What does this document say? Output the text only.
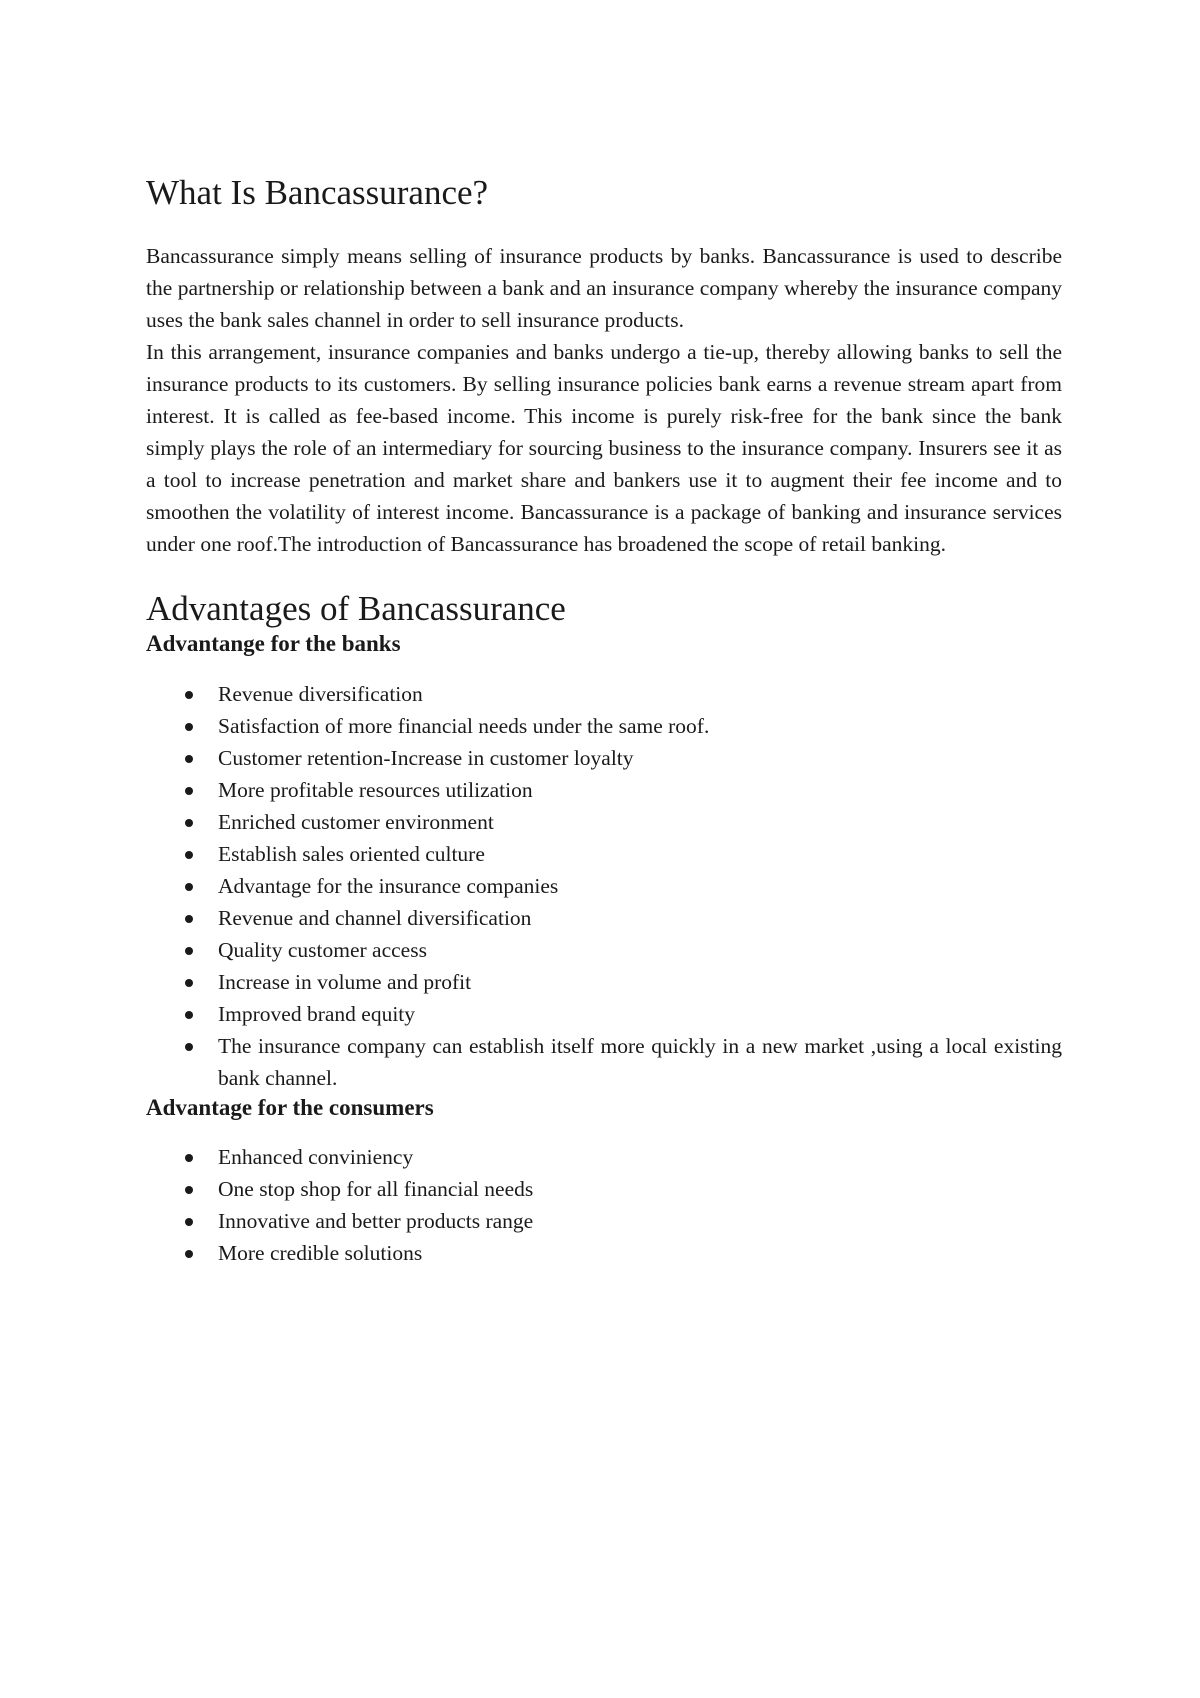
What Is Bancassurance?

Bancassurance simply means selling of insurance products by banks. Bancassurance is used to describe the partnership or relationship between a bank and an insurance company whereby the insurance company uses the bank sales channel in order to sell insurance products.

In this arrangement, insurance companies and banks undergo a tie-up, thereby allowing banks to sell the insurance products to its customers. By selling insurance policies bank earns a revenue stream apart from interest. It is called as fee-based income. This income is purely risk-free for the bank since the bank simply plays the role of an intermediary for sourcing business to the insurance company. Insurers see it as a tool to increase penetration and market share and bankers use it to augment their fee income and to smoothen the volatility of interest income. Bancassurance is a package of banking and insurance services under one roof.The introduction of Bancassurance has broadened the scope of retail banking.

Advantages of Bancassurance
Advantange for the banks
Revenue diversification
Satisfaction of more financial needs under the same roof.
Customer retention-Increase in customer loyalty
More profitable resources utilization
Enriched customer environment
Establish sales oriented culture
Advantage for the insurance companies
Revenue and channel diversification
Quality customer access
Increase in volume and profit
Improved brand equity
The insurance company can establish itself more quickly in a new market ,using a local existing bank channel.
Advantage for the consumers
Enhanced conviniency
One stop shop for all financial needs
Innovative and better products range
More credible solutions
